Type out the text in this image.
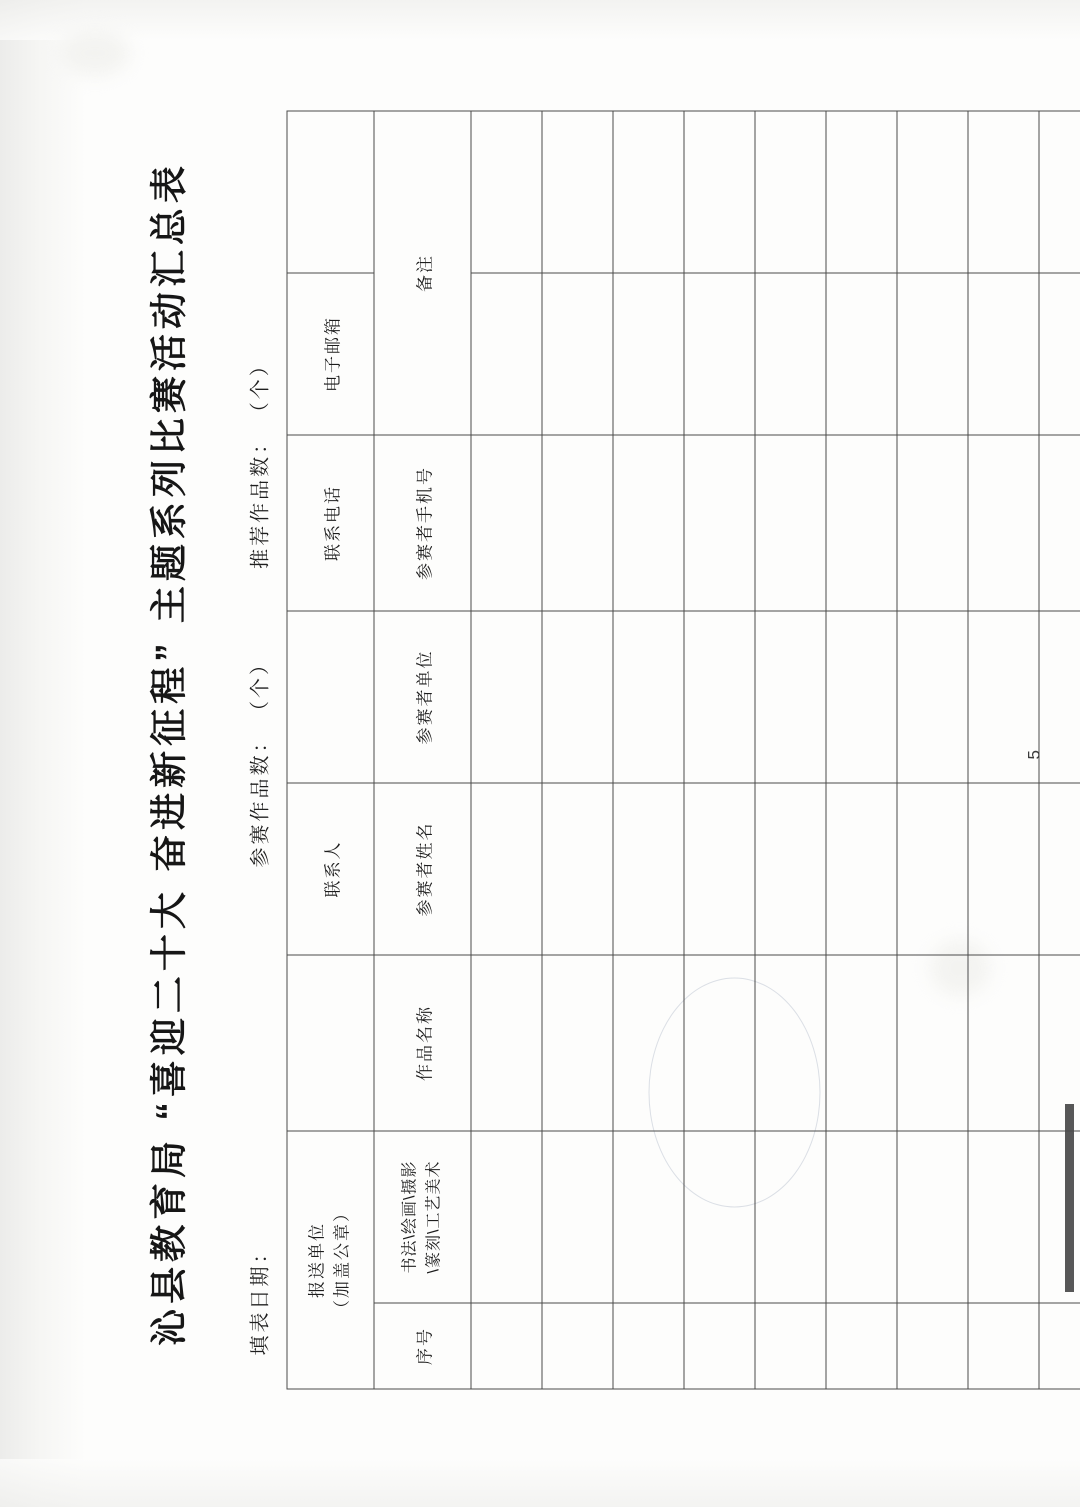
沁县教育局 “喜迎二十大 奋进新征程” 主题系列比赛活动汇总表	填表日期：
参赛作品数： （个）  推荐作品数： （个）
报送单位 （加盖公章）			联系人		联系电话	电子邮箱	
序号	书法\绘画\摄影 \篆刻\工艺美术	作品名称	参赛者姓名	参赛者单位	参赛者手机号	备注	

5
